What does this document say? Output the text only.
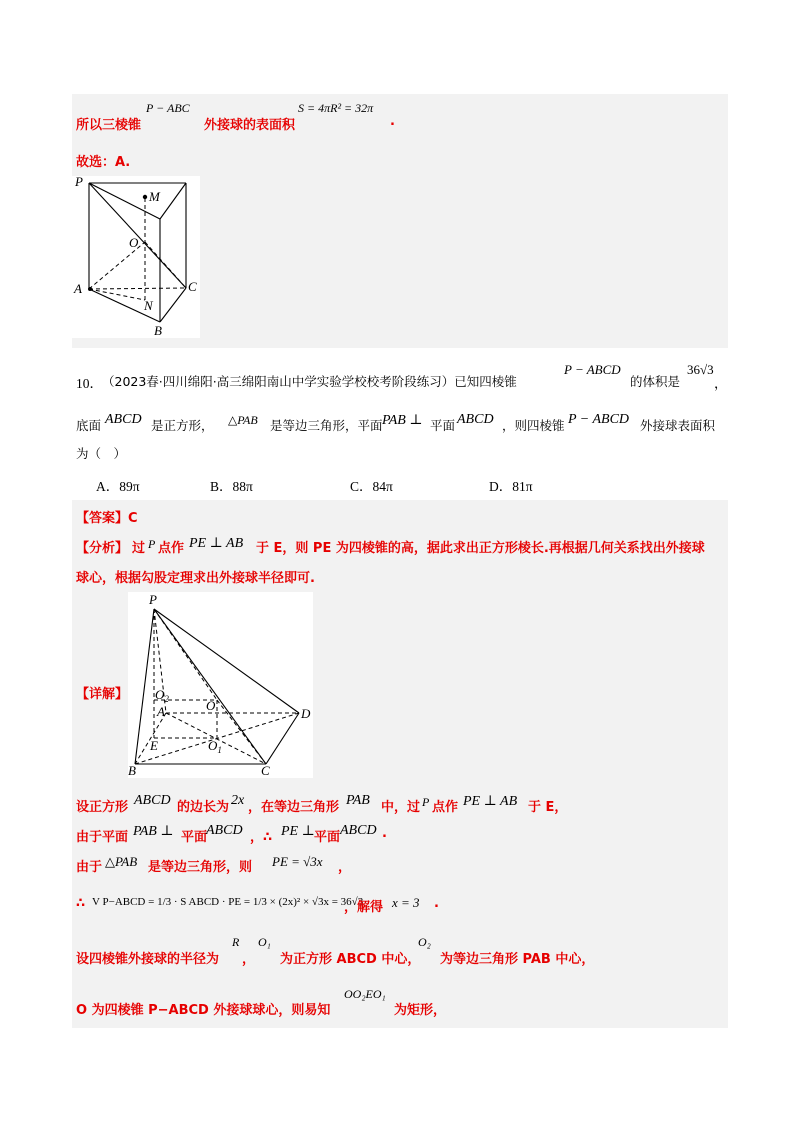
所以三棱锥
P − ABC
外接球的表面积
S = 4πR² = 32π
.
故选：A.
P
M
O
A
N
C
B
10． （2023春·四川绵阳·高三绵阳南山中学实验学校校考阶段练习）已知四棱锥
P − ABCD
的体积是
36√3
，
底面 ABCD 是正方形， △PAB 是等边三角形，平面 PAB ⊥ 平面 ABCD ，则四棱锥 P − ABCD 外接球表面积
为（　）
A．89π	B．88π	C．84π	D．81π
【答案】C
【分析】 过 P 点作 PE ⊥ AB 于 E，则 PE 为四棱锥的高，据此求出正方形棱长.再根据几何关系找出外接球
球心，根据勾股定理求出外接球半径即可.
P
$O_2$
A	O
D
E	$O_1$
B	C
【详解】
设正方形 ABCD 的边长为 2x ，在等边三角形 PAB 中，过 P 点作 PE ⊥ AB 于 E，
由于平面 PAB ⊥ 平面
ABCD ，∴ PE ⊥ 平面 ABCD .
由于 △PAB 是等边三角形，则 PE = √3x ，
∴ V P−ABCD = 1/3 · S ABCD · PE = 1/3 × (2x)² × √3x = 36√3
，解得 x = 3 .
设四棱锥外接球的半径为
R
，
O₁
为正方形 ABCD 中心，
O₂
为等边三角形 PAB 中心，
O 为四棱锥 P−ABCD 外接球球心，则易知
OO₂EO₁
为矩形，
